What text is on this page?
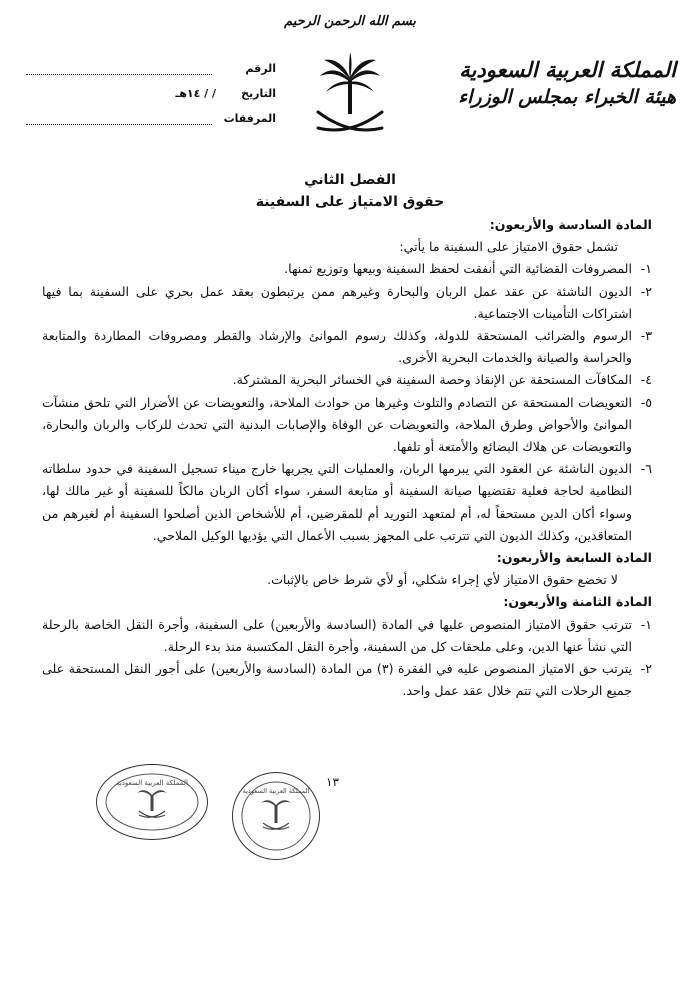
بسم الله الرحمن الرحيم
المملكة العربية السعودية
هيئة الخبراء بمجلس الوزراء
الرقم
التاريخ
/ / ١٤هـ
المرفقات
الفصل الثاني
حقوق الامتياز على السفينة
المادة السادسة والأربعون:
تشمل حقوق الامتياز على السفينة ما يأتي:
١-
المصروفات القضائية التي أنفقت لحفظ السفينة وبيعها وتوزيع ثمنها.
٢-
الديون الناشئة عن عقد عمل الربان والبحارة وغيرهم ممن يرتبطون بعقد عمل بحري على السفينة بما فيها اشتراكات التأمينات الاجتماعية.
٣-
الرسوم والضرائب المستحقة للدولة، وكذلك رسوم الموانئ والإرشاد والقطر ومصروفات المطاردة والمتابعة والحراسة والصيانة والخدمات البحرية الأخرى.
٤-
المكافآت المستحقة عن الإنقاذ وحصة السفينة في الخسائر البحرية المشتركة.
٥-
التعويضات المستحقة عن التصادم والتلوث وغيرها من حوادث الملاحة، والتعويضات عن الأضرار التي تلحق منشآت الموانئ والأحواض وطرق الملاحة، والتعويضات عن الوفاة والإصابات البدنية التي تحدث للركاب والربان والبحارة، والتعويضات عن هلاك البضائع والأمتعة أو تلفها.
٦-
الديون الناشئة عن العقود التي يبرمها الربان، والعمليات التي يجريها خارج ميناء تسجيل السفينة في حدود سلطاته النظامية لحاجة فعلية تقتضيها صيانة السفينة أو متابعة السفر، سواء أكان الربان مالكاً للسفينة أو غير مالك لها، وسواء أكان الدين مستحقاً له، أم لمتعهد التوريد أم للمقرضين، أم للأشخاص الذين أصلحوا السفينة أم لغيرهم من المتعاقدين، وكذلك الديون التي تترتب على المجهز بسبب الأعمال التي يؤديها الوكيل الملاحي.
المادة السابعة والأربعون:
لا تخضع حقوق الامتياز لأي إجراء شكلي، أو لأي شرط خاص بالإثبات.
المادة الثامنة والأربعون:
١-
تترتب حقوق الامتياز المنصوص عليها في المادة (السادسة والأربعين) على السفينة، وأجرة النقل الخاصة بالرحلة التي نشأ عنها الدين، وعلى ملحقات كل من السفينة، وأجرة النقل المكتسبة منذ بدء الرحلة.
٢-
يترتب حق الامتياز المنصوص عليه في الفقرة (٣) من المادة (السادسة والأربعين) على أجور النقل المستحقة على جميع الرحلات التي تتم خلال عقد عمل واحد.
١٣
المملكة العربية السعودية
المملكة العربية السعودية
